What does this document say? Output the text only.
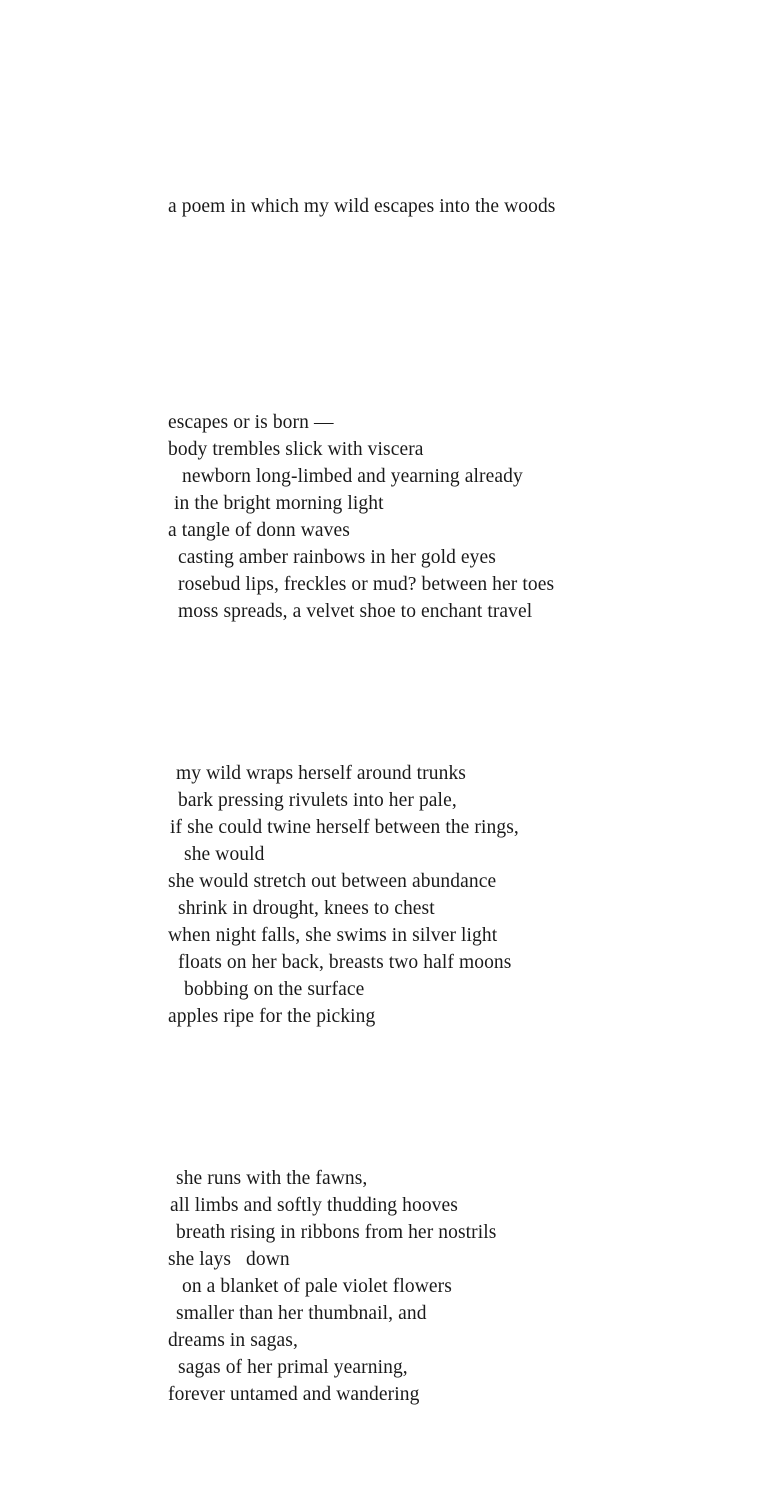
a poem in which my wild escapes into the woods

escapes or is born —
body trembles slick with viscera
newborn long-limbed and yearning already
in the bright morning light
a tangle of donn waves
casting amber rainbows in her gold eyes
rosebud lips, freckles or mud? between her toes
moss spreads, a velvet shoe to enchant travel

my wild wraps herself around trunks
bark pressing rivulets into her pale,
if she could twine herself between the rings,
she would
she would stretch out between abundance
shrink in drought, knees to chest
when night falls, she swims in silver light
floats on her back, breasts two half moons
bobbing on the surface
apples ripe for the picking

she runs with the fawns,
all limbs and softly thudding hooves
breath rising in ribbons from her nostrils
she lays   down
on a blanket of pale violet flowers
smaller than her thumbnail, and
dreams in sagas,
sagas of her primal yearning,
forever untamed and wandering
